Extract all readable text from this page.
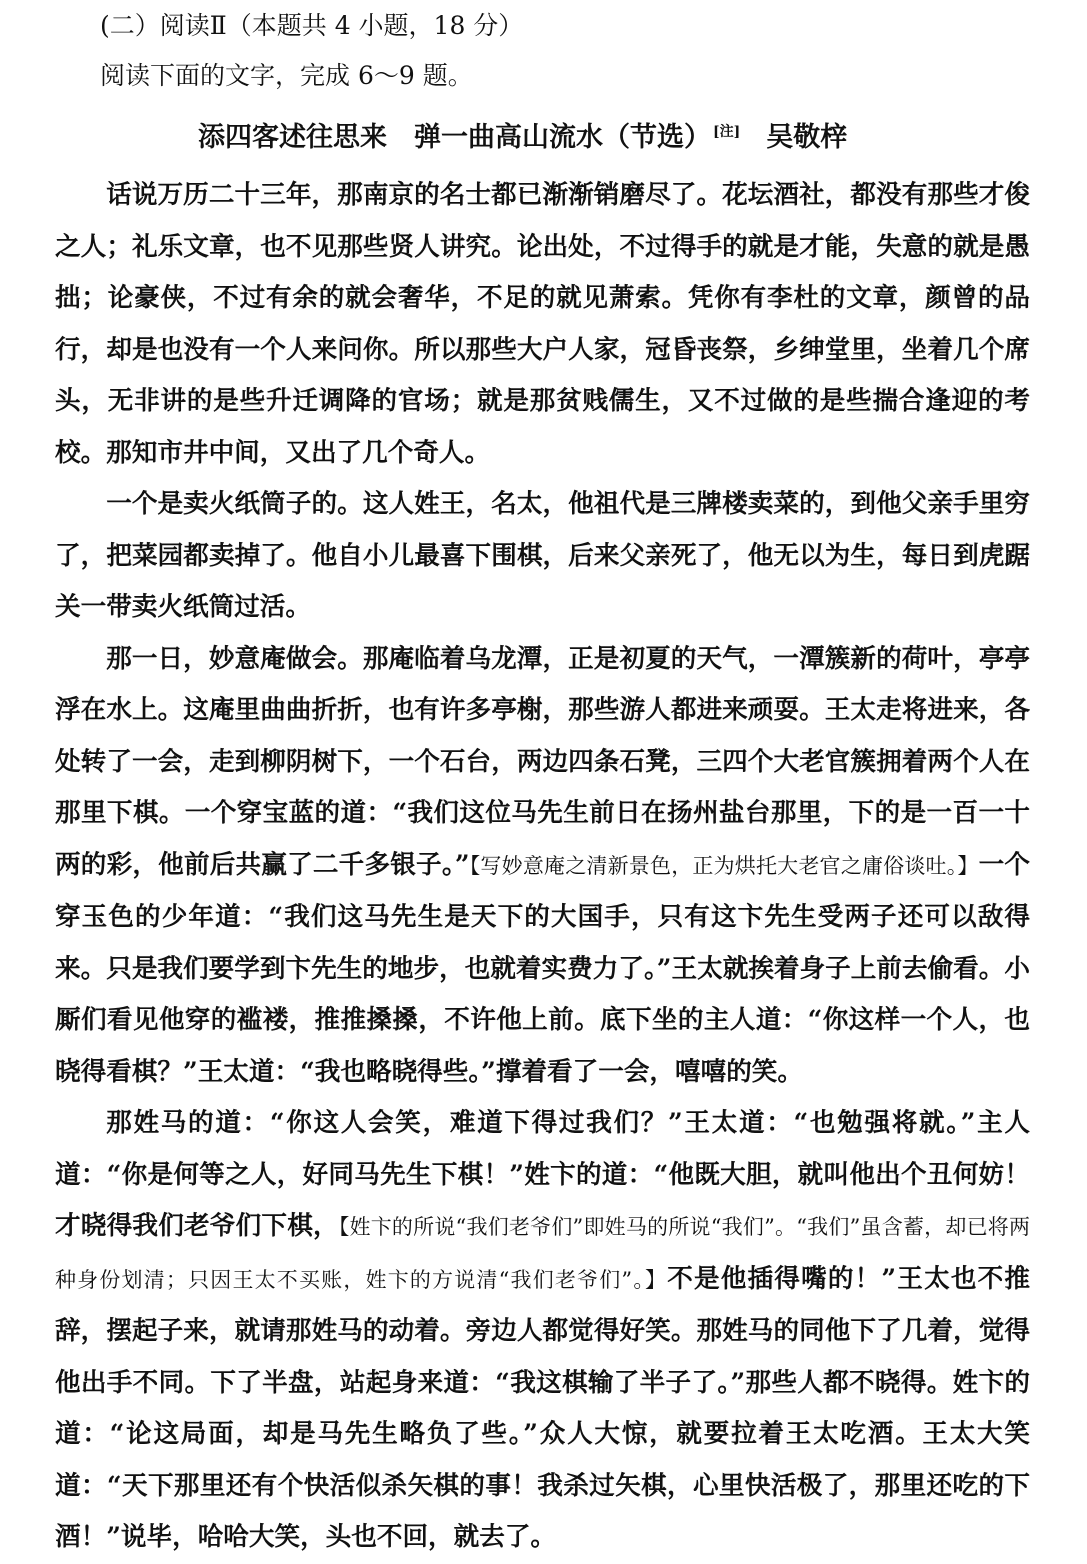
(二）阅读Ⅱ（本题共 4 小题，18 分）
阅读下面的文字，完成 6～9 题。
添四客述往思来　弹一曲高山流水（节选） [注] 吴敬梓

话说万历二十三年，那南京的名士都已渐渐销磨尽了。花坛酒社，都没有那些才俊之人；礼乐文章，也不见那些贤人讲究。论出处，不过得手的就是才能，失意的就是愚拙；论豪侠，不过有余的就会奢华，不足的就见萧索。凭你有李杜的文章，颜曾的品行，却是也没有一个人来问你。所以那些大户人家，冠昏丧祭，乡绅堂里，坐着几个席头，无非讲的是些升迁调降的官场；就是那贫贱儒生，又不过做的是些揣合逢迎的考校。那知市井中间，又出了几个奇人。

一个是卖火纸筒子的。这人姓王，名太，他祖代是三牌楼卖菜的，到他父亲手里穷了，把菜园都卖掉了。他自小儿最喜下围棋，后来父亲死了，他无以为生，每日到虎踞关一带卖火纸筒过活。

那一日，妙意庵做会。那庵临着乌龙潭，正是初夏的天气，一潭簇新的荷叶，亭亭浮在水上。这庵里曲曲折折，也有许多亭榭，那些游人都进来顽耍。王太走将进来，各处转了一会，走到柳阴树下，一个石台，两边四条石凳，三四个大老官簇拥着两个人在那里下棋。一个穿宝蓝的道：“我们这位马先生前日在扬州盐台那里，下的是一百一十两的彩，他前后共赢了二千多银子。”【写妙意庵之清新景色，正为烘托大老官之庸俗谈吐。】一个穿玉色的少年道：“我们这马先生是天下的大国手，只有这卞先生受两子还可以敌得来。只是我们要学到卞先生的地步，也就着实费力了。”王太就挨着身子上前去偷看。小厮们看见他穿的褴褛，推推搡搡，不许他上前。底下坐的主人道：“你这样一个人，也晓得看棋？”王太道：“我也略晓得些。”撑着看了一会，嘻嘻的笑。

那姓马的道：“你这人会笑，难道下得过我们？”王太道：“也勉强将就。”主人道：“你是何等之人，好同马先生下棋！”姓卞的道：“他既大胆，就叫他出个丑何妨！才晓得我们老爷们下棋，【姓卞的所说“我们老爷们”即姓马的所说“我们”。“我们”虽含蓄，却已将两种身份划清；只因王太不买账，姓卞的方说清“我们老爷们”。】不是他插得嘴的！”王太也不推辞，摆起子来，就请那姓马的动着。旁边人都觉得好笑。那姓马的同他下了几着，觉得他出手不同。下了半盘，站起身来道：“我这棋输了半子了。”那些人都不晓得。姓卞的道：“论这局面，却是马先生略负了些。”众人大惊，就要拉着王太吃酒。王太大笑道：“天下那里还有个快活似杀矢棋的事！我杀过矢棋，心里快活极了，那里还吃的下酒！”说毕，哈哈大笑，头也不回，就去了。
